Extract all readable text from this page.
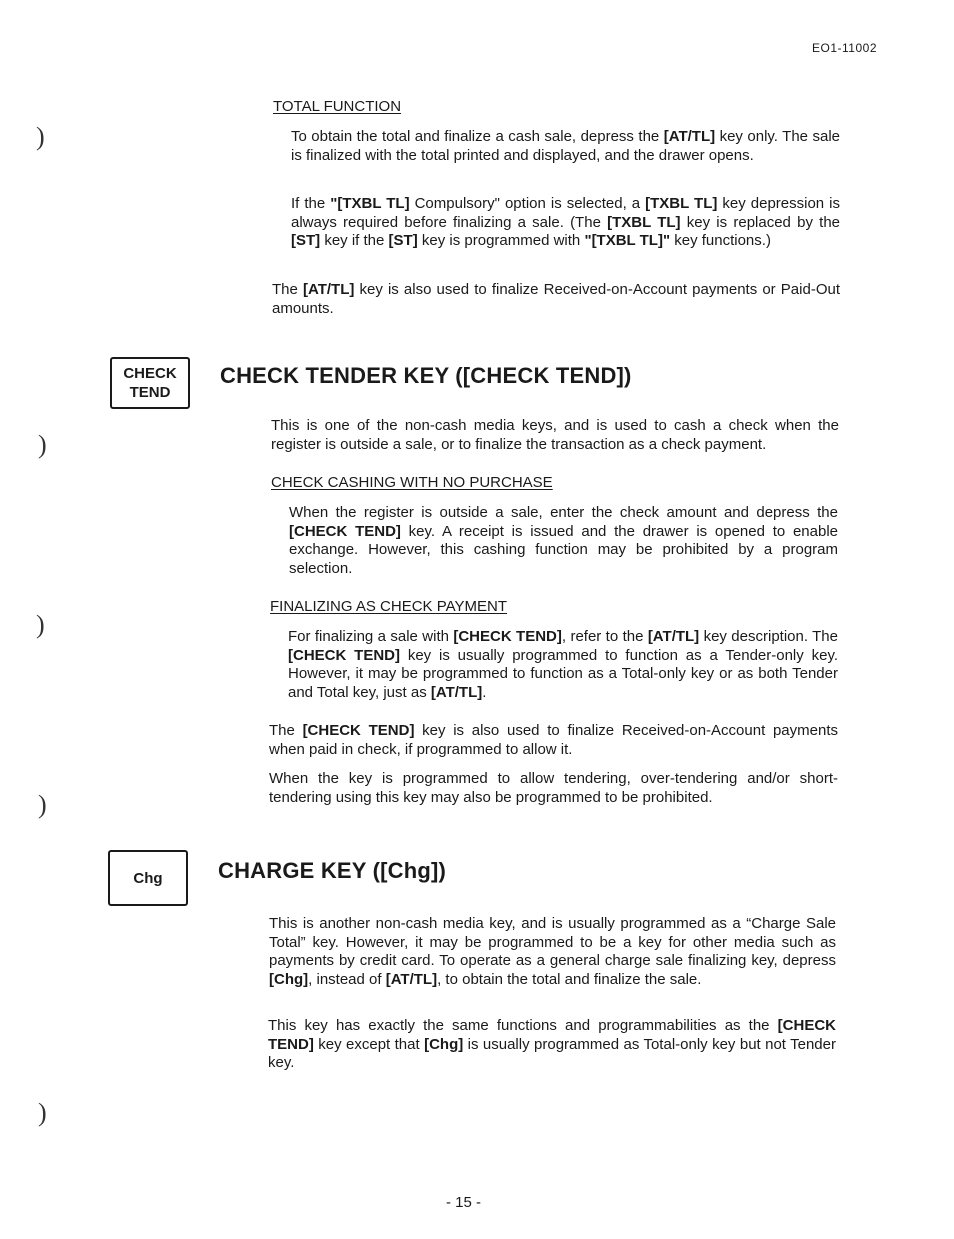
EO1-11002
)
)
)
)
)
TOTAL FUNCTION

To obtain the total and finalize a cash sale, depress the [AT/TL] key only. The sale is finalized with the total printed and displayed, and the drawer opens.

If the "[TXBL TL] Compulsory" option is selected, a [TXBL TL] key depression is always required before finalizing a sale. (The [TXBL TL] key is replaced by the [ST] key if the [ST] key is programmed with "[TXBL TL]" key functions.)

The [AT/TL] key is also used to finalize Received-on-Account payments or Paid-Out amounts.

CHECK
TEND
CHECK TENDER KEY ([CHECK TEND])

This is one of the non-cash media keys, and is used to cash a check when the register is outside a sale, or to finalize the transaction as a check payment.

CHECK CASHING WITH NO PURCHASE

When the register is outside a sale, enter the check amount and depress the [CHECK TEND] key. A receipt is issued and the drawer is opened to enable exchange. However, this cashing function may be prohibited by a program selection.

FINALIZING AS CHECK PAYMENT

For finalizing a sale with [CHECK TEND], refer to the [AT/TL] key description. The [CHECK TEND] key is usually programmed to function as a Tender-only key. However, it may be programmed to function as a Total-only key or as both Tender and Total key, just as [AT/TL].

The [CHECK TEND] key is also used to finalize Received-on-Account payments when paid in check, if programmed to allow it.

When the key is programmed to allow tendering, over-tendering and/or short-tendering using this key may also be programmed to be prohibited.

Chg	CHARGE KEY ([Chg])

This is another non-cash media key, and is usually programmed as a “Charge Sale Total” key. However, it may be programmed to be a key for other media such as payments by credit card. To operate as a general charge sale finalizing key, depress [Chg], instead of [AT/TL], to obtain the total and finalize the sale.

This key has exactly the same functions and programmabilities as the [CHECK TEND] key except that [Chg] is usually programmed as Total-only key but not Tender key.

- 15 -
